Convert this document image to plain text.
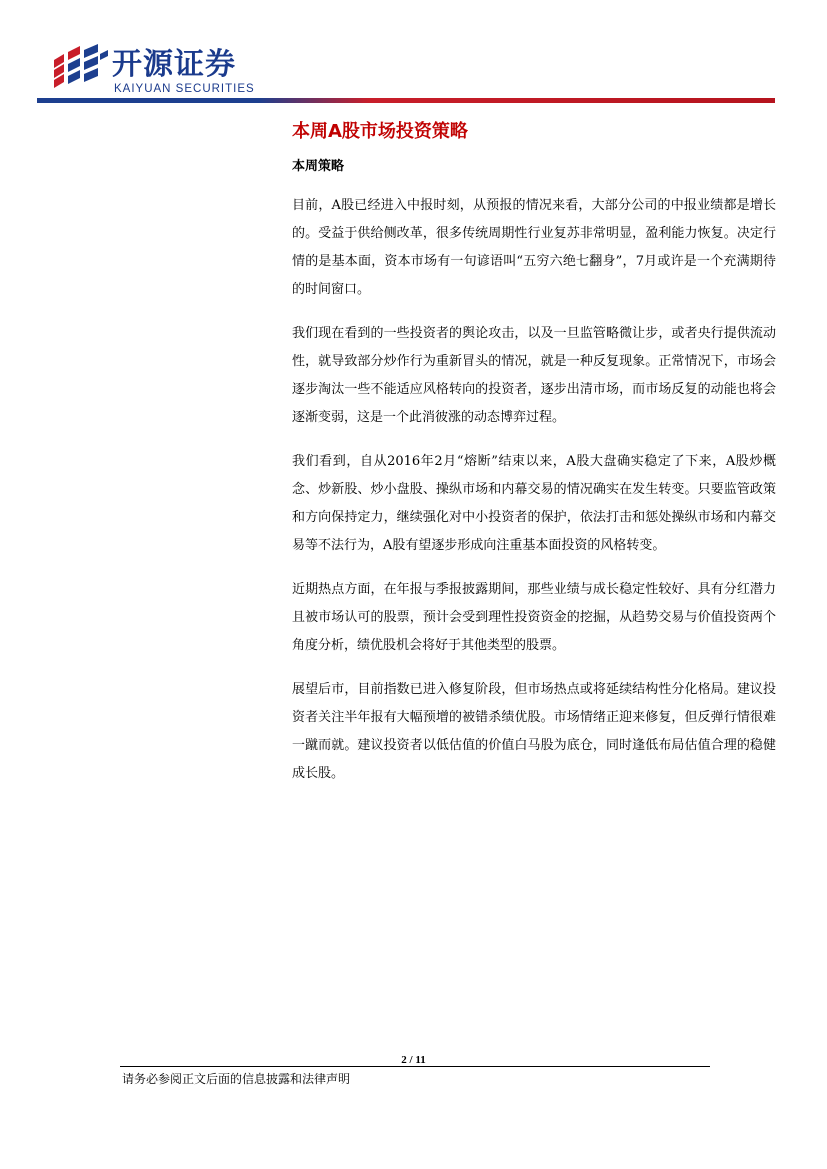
开源证券
KAIYUAN SECURITIES
本周A股市场投资策略
本周策略

目前，A股已经进入中报时刻，从预报的情况来看，大部分公司的中报业绩都是增长的。受益于供给侧改革，很多传统周期性行业复苏非常明显，盈利能力恢复。决定行情的是基本面，资本市场有一句谚语叫“五穷六绝七翻身”，7月或许是一个充满期待的时间窗口。

我们现在看到的一些投资者的舆论攻击，以及一旦监管略微让步，或者央行提供流动性，就导致部分炒作行为重新冒头的情况，就是一种反复现象。正常情况下，市场会逐步淘汰一些不能适应风格转向的投资者，逐步出清市场，而市场反复的动能也将会逐渐变弱，这是一个此消彼涨的动态博弈过程。

我们看到，自从2016年2月“熔断”结束以来，A股大盘确实稳定了下来，A股炒概念、炒新股、炒小盘股、操纵市场和内幕交易的情况确实在发生转变。只要监管政策和方向保持定力，继续强化对中小投资者的保护，依法打击和惩处操纵市场和内幕交易等不法行为，A股有望逐步形成向注重基本面投资的风格转变。

近期热点方面，在年报与季报披露期间，那些业绩与成长稳定性较好、具有分红潜力且被市场认可的股票，预计会受到理性投资资金的挖掘，从趋势交易与价值投资两个角度分析，绩优股机会将好于其他类型的股票。

展望后市，目前指数已进入修复阶段，但市场热点或将延续结构性分化格局。建议投资者关注半年报有大幅预增的被错杀绩优股。市场情绪正迎来修复，但反弹行情很难一蹴而就。建议投资者以低估值的价值白马股为底仓，同时逢低布局估值合理的稳健成长股。

2 / 11
请务必参阅正文后面的信息披露和法律声明
